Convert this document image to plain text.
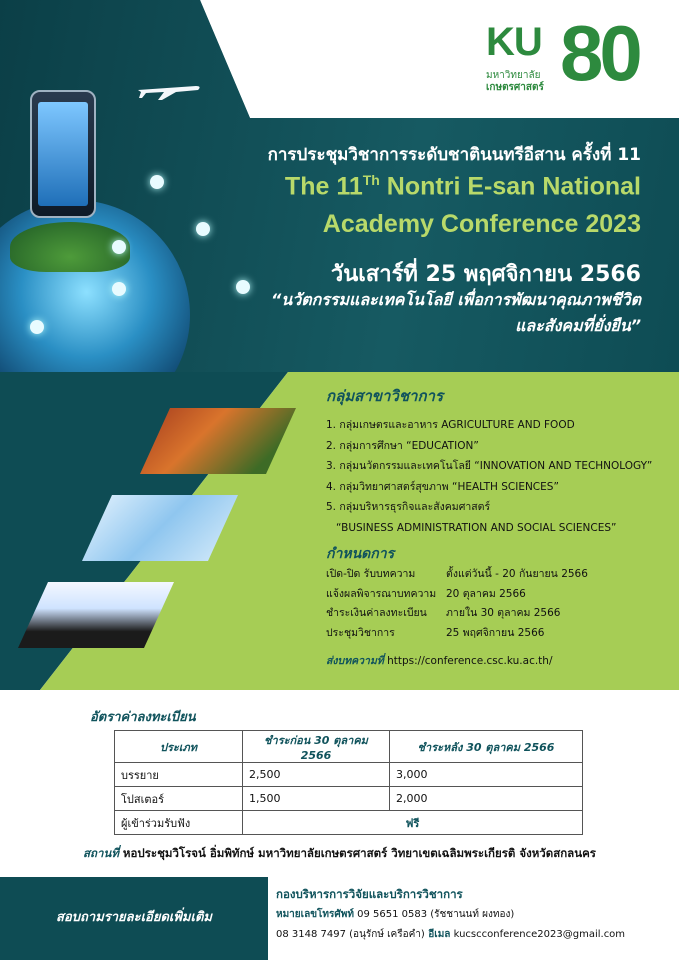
KU
มหาวิทยาลัย
เกษตรศาสตร์ 80
การประชุมวิชาการระดับชาตินนทรีอีสาน ครั้งที่ 11
The 11Th Nontri E-san National
Academy Conference 2023
วันเสาร์ที่ 25 พฤศจิกายน 2566
“นวัตกรรมและเทคโนโลยี เพื่อการพัฒนาคุณภาพชีวิต
และสังคมที่ยั่งยืน”
กลุ่มสาขาวิชาการ
1. กลุ่มเกษตรและอาหาร AGRICULTURE AND FOOD
2. กลุ่มการศึกษา “EDUCATION”
3. กลุ่มนวัตกรรมและเทคโนโลยี “INNOVATION AND TECHNOLOGY”
4. กลุ่มวิทยาศาสตร์สุขภาพ “HEALTH SCIENCES”
5. กลุ่มบริหารธุรกิจและสังคมศาสตร์
“BUSINESS ADMINISTRATION AND SOCIAL SCIENCES”
กำหนดการ
เปิด-ปิด รับบทความ	ตั้งแต่วันนี้ - 20 กันยายน 2566
แจ้งผลพิจารณาบทความ 20 ตุลาคม 2566
ชำระเงินค่าลงทะเบียน	ภายใน 30 ตุลาคม 2566
ประชุมวิชาการ	25 พฤศจิกายน 2566
ส่งบทความที่ https://conference.csc.ku.ac.th/
อัตราค่าลงทะเบียน
ประเภท	ชำระก่อน 30 ตุลาคม 2566	ชำระหลัง 30 ตุลาคม 2566
บรรยาย	2,500	3,000
โปสเตอร์	1,500	2,000
ผู้เข้าร่วมรับฟัง	ฟรี	
สถานที่ หอประชุมวิโรจน์ อิ่มพิทักษ์ มหาวิทยาลัยเกษตรศาสตร์ วิทยาเขตเฉลิมพระเกียรติ จังหวัดสกลนคร
สอบถามรายละเอียดเพิ่มเติม
กองบริหารการวิจัยและบริการวิชาการ
หมายเลขโทรศัพท์ 09 5651 0583 (รัชชานนท์ ผงทอง)
08 3148 7497 (อนุรักษ์ เครือคำ) อีเมล kucscconference2023@gmail.com
